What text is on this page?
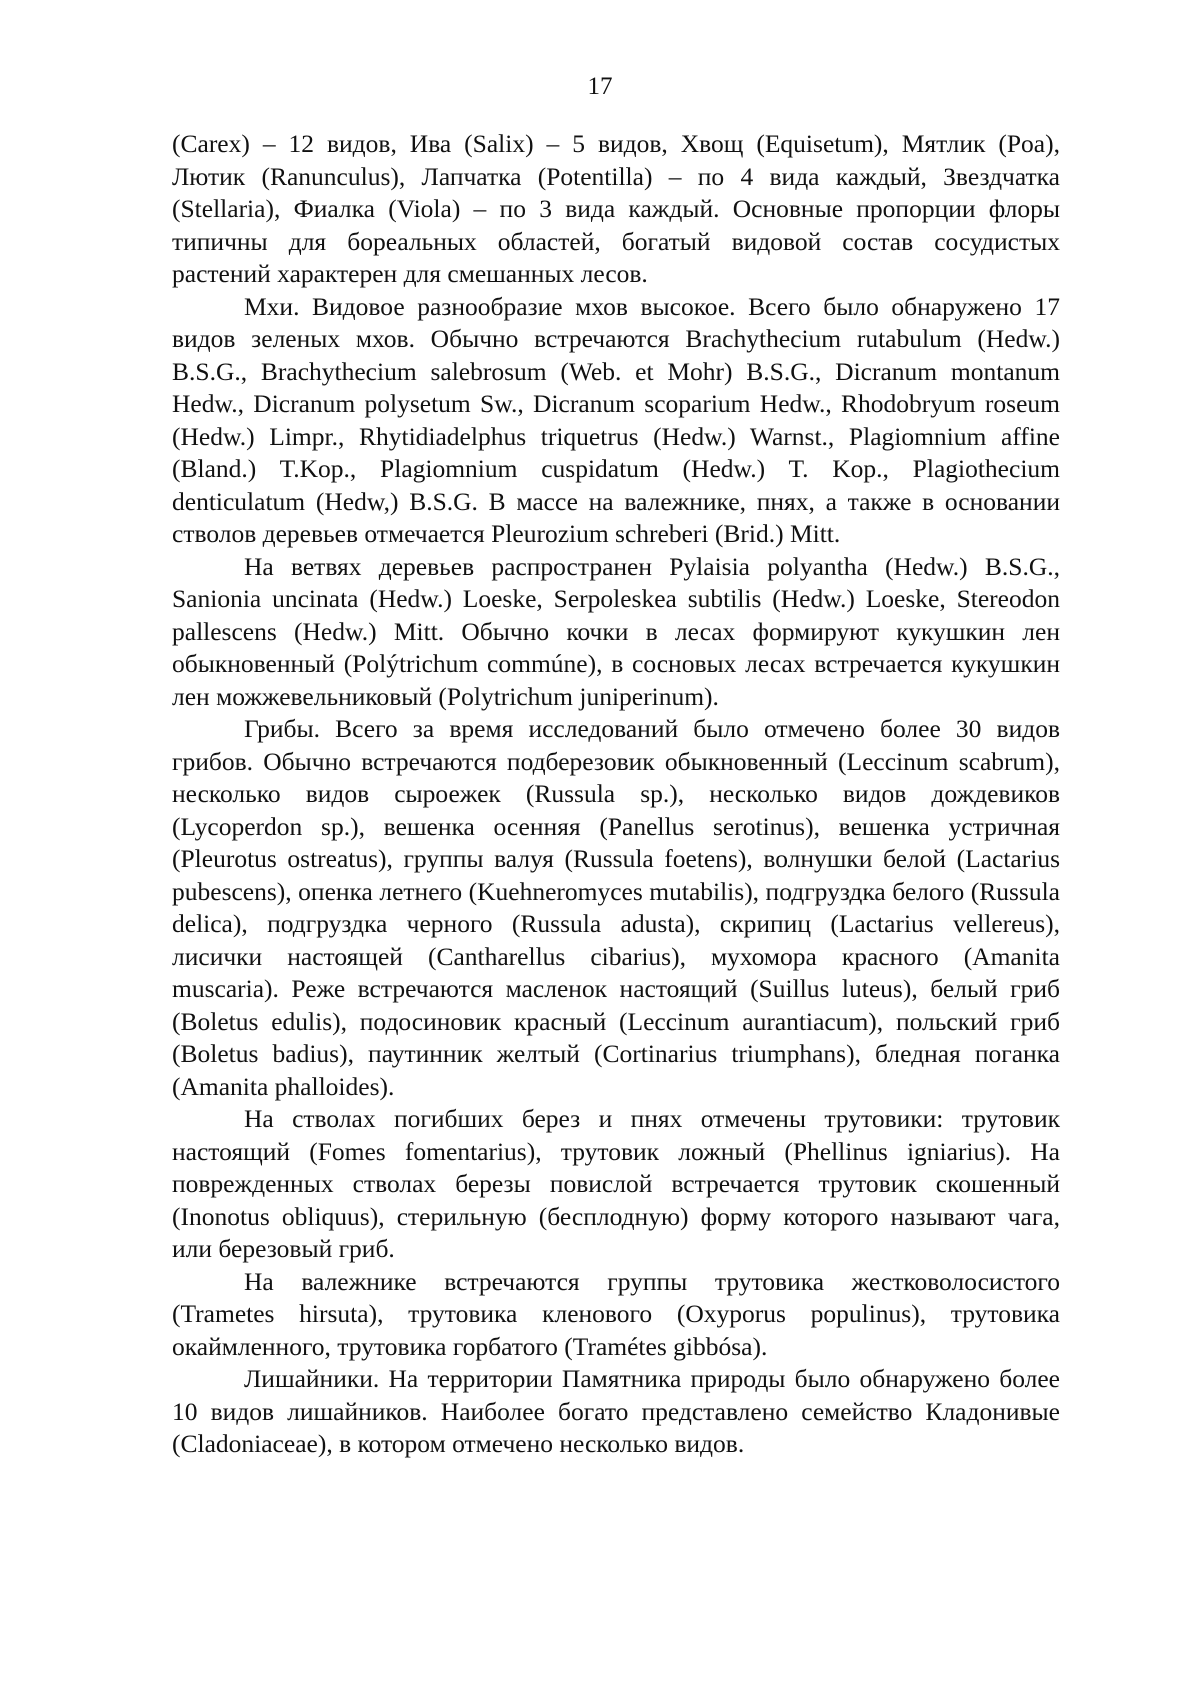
17

(Carex) – 12 видов, Ива (Salix) – 5 видов, Хвощ (Equisetum), Мятлик (Poa), Лютик (Ranunculus), Лапчатка (Potentilla) – по 4 вида каждый, Звездчатка (Stellaria), Фиалка (Viola) – по 3 вида каждый. Основные пропорции флоры типичны для бореальных областей, богатый видовой состав сосудистых растений характерен для смешанных лесов.

Мхи. Видовое разнообразие мхов высокое. Всего было обнаружено 17 видов зеленых мхов. Обычно встречаются Brachythecium rutabulum (Hedw.) B.S.G., Brachythecium salebrosum (Web. et Mohr) B.S.G., Dicranum montanum Hedw., Dicranum polysetum Sw., Dicranum scoparium Hedw., Rhodobryum roseum (Hedw.) Limpr., Rhytidiadelphus triquetrus (Hedw.) Warnst., Plagiomnium affine (Bland.) T.Kop., Plagiomnium cuspidatum (Hedw.) T. Kop., Plagiothecium denticulatum (Hedw,) B.S.G. В массе на валежнике, пнях, а также в основании стволов деревьев отмечается Pleurozium schreberi (Brid.) Mitt.

На ветвях деревьев распространен Pylaisia polyantha (Hedw.) B.S.G., Sanionia uncinata (Hedw.) Loeske, Serpoleskea subtilis (Hedw.) Loeske, Stereodon pallescens (Hedw.) Mitt. Обычно кочки в лесах формируют кукушкин лен обыкновенный (Polýtrichum commúne), в сосновых лесах встречается кукушкин лен можжевельниковый (Polytrichum juniperinum).

Грибы. Всего за время исследований было отмечено более 30 видов грибов. Обычно встречаются подберезовик обыкновенный (Leccinum scabrum), несколько видов сыроежек (Russula sp.), несколько видов дождевиков (Lycoperdon sp.), вешенка осенняя (Panellus serotinus), вешенка устричная (Pleurotus ostreatus), группы валуя (Russula foetens), волнушки белой (Lactarius pubescens), опенка летнего (Kuehneromyces mutabilis), подгруздка белого (Russula delica), подгруздка черного (Russula adusta), скрипиц (Lactarius vellereus), лисички настоящей (Cantharellus cibarius), мухомора красного (Amanita muscaria). Реже встречаются масленок настоящий (Suillus luteus), белый гриб (Boletus edulis), подосиновик красный (Leccinum aurantiacum), польский гриб (Boletus badius), паутинник желтый (Cortinarius triumphans), бледная поганка (Amanita phalloides).

На стволах погибших берез и пнях отмечены трутовики: трутовик настоящий (Fomes fomentarius), трутовик ложный (Phellinus igniarius). На поврежденных стволах березы повислой встречается трутовик скошенный (Inonotus obliquus), стерильную (бесплодную) форму которого называют чага, или березовый гриб.

На валежнике встречаются группы трутовика жестковолосистого (Trametes hirsuta), трутовика кленового (Oxyporus populinus), трутовика окаймленного, трутовика горбатого (Tramétes gibbósa).

Лишайники. На территории Памятника природы было обнаружено более 10 видов лишайников. Наиболее богато представлено семейство Кладонивые (Cladoniaceae), в котором отмечено несколько видов.
